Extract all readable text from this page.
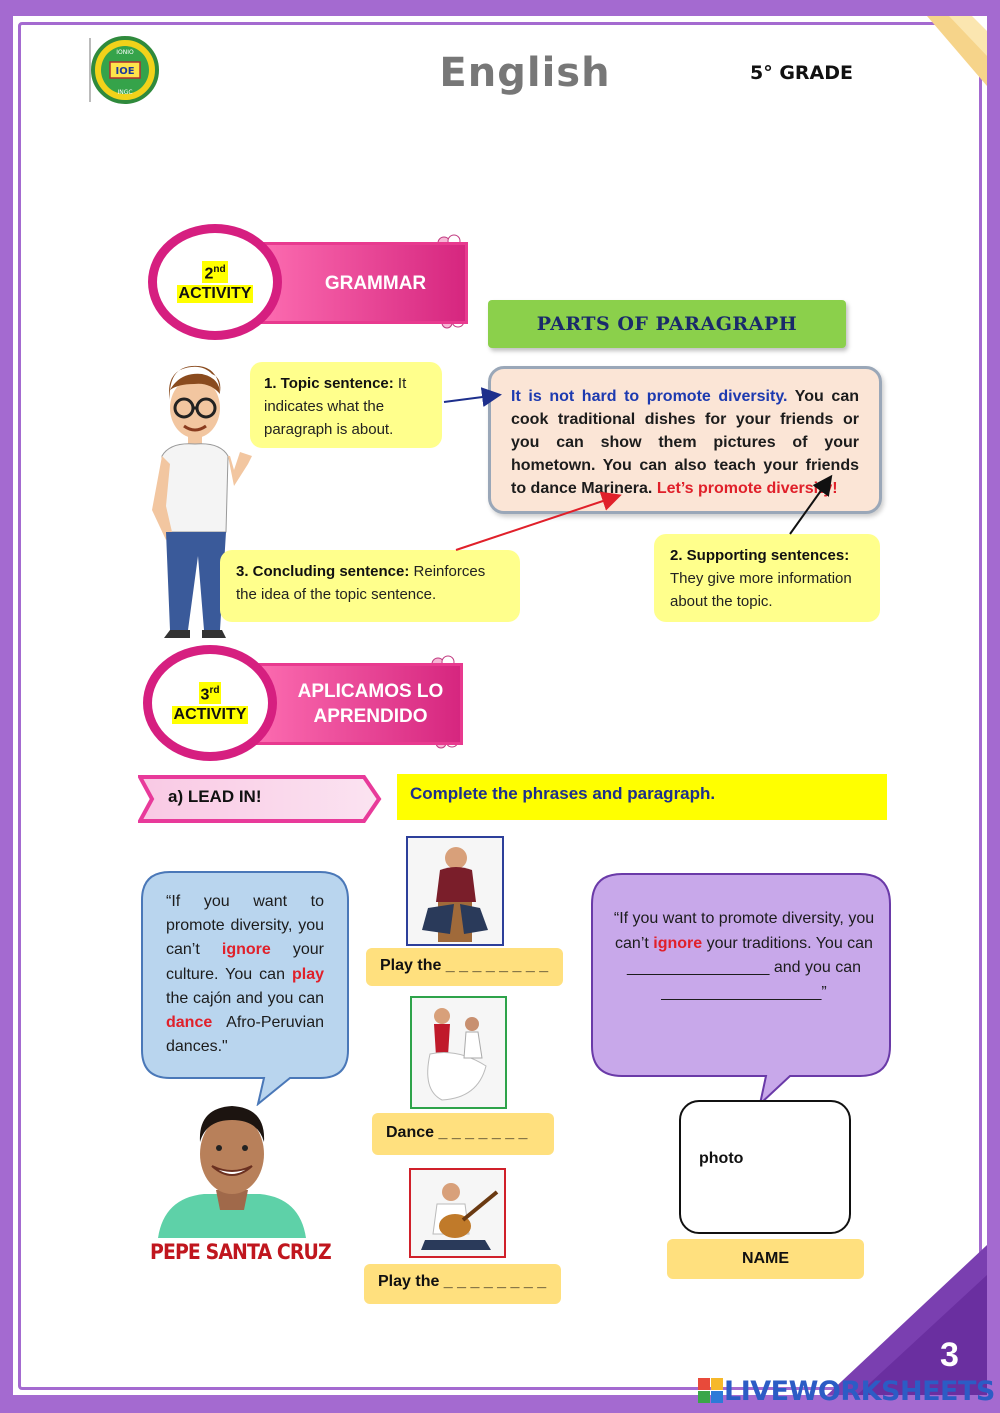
IOE
IONIO
INGC	English	5° GRADE
GRAMMAR
2nd
ACTIVITY
PARTS OF PARAGRAPH
1. Topic sentence: It indicates what the paragraph is about.
3. Concluding sentence: Reinforces the idea of the topic sentence.
2. Supporting sentences: They give more information about the topic.
It is not hard to promote diversity. You can cook traditional dishes for your friends or you can show them pictures of your hometown. You can also teach your friends to dance Marinera. Let’s promote diversity!
APLICAMOS LO
APRENDIDO
3rd
ACTIVITY
a) LEAD IN!	Complete the phrases and paragraph.
“If you want to promote diversity, you can’t ignore your culture. You can play the cajón and you can dance Afro-Peruvian dances."
PEPE SANTA CRUZ
Play the _ _ _ _ _ _ _ _
Dance _ _ _ _ _ _ _
Play the _ _ _ _ _ _ _ _
“If you want to promote diversity, you can’t ignore your traditions. You can
________________ and you can
__________________”
photo
NAME
3
LIVEWORKSHEETS
